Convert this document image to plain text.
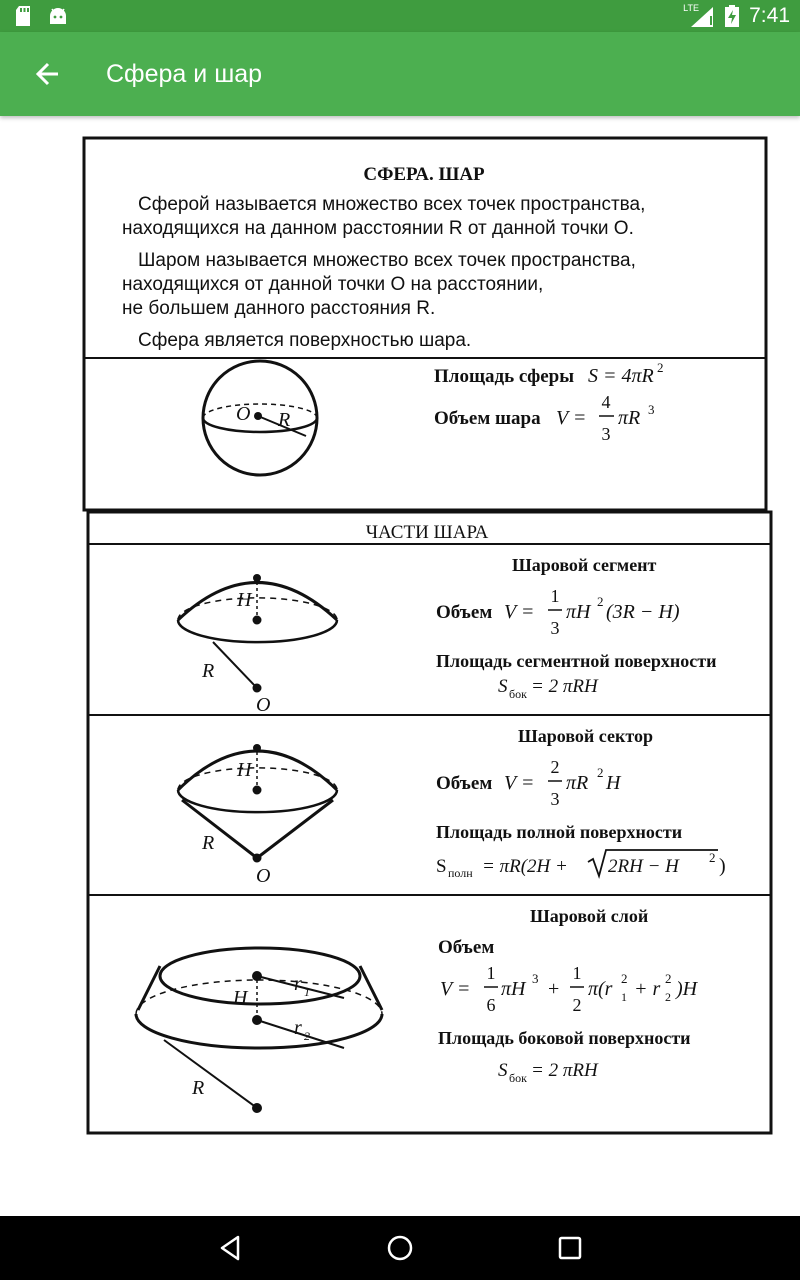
LTE 7:41
Сфера и шар
СФЕРА. ШАР
Сферой называется множество всех точек пространства,
находящихся на данном расстоянии R от данной точки O.
Шаром называется множество всех точек пространства,
находящихся от данной точки O на расстоянии,
не большем данного расстояния R.
Сфера является поверхностью шара.
O R
Площадь сферы S = 4πR 2
Объем шара V =
4
3
πR 3
ЧАСТИ ШАРА
H
R
O
Шаровой сегмент
Объем V =
1
3
πH 2 (3R − H)
Площадь сегментной поверхности
S бок = 2 πRH
H
R
O
Шаровой сектор
Объем V =
2
3
πR 2 H
Площадь полной поверхности
S полн = πR(2H + 2RH − H 2 )
H
r 1
r 2
R
Шаровой слой
Объем
V =
1
6
πH 3 +
1
2
π(r 1
2 + r 2
2 )H
Площадь боковой поверхности
S бок = 2 πRH
